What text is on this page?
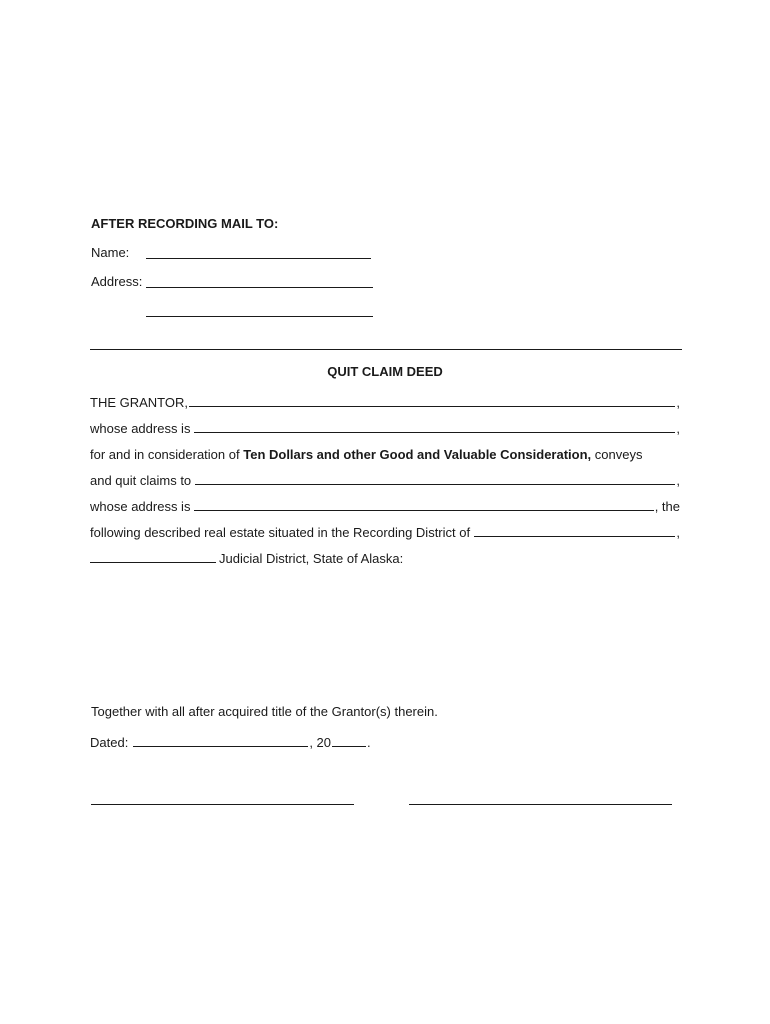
AFTER RECORDING MAIL TO:
Name:
Address:
QUIT CLAIM DEED
THE GRANTOR,	,
whose address is	,
for and in consideration of
Ten Dollars and other Good and Valuable Consideration,
conveys
and quit claims to	,
whose address is	, the
following described real estate situated in the Recording District of	,
Judicial District, State of Alaska:
Together with all after acquired title of the Grantor(s) therein.
Dated:	, 20	.
